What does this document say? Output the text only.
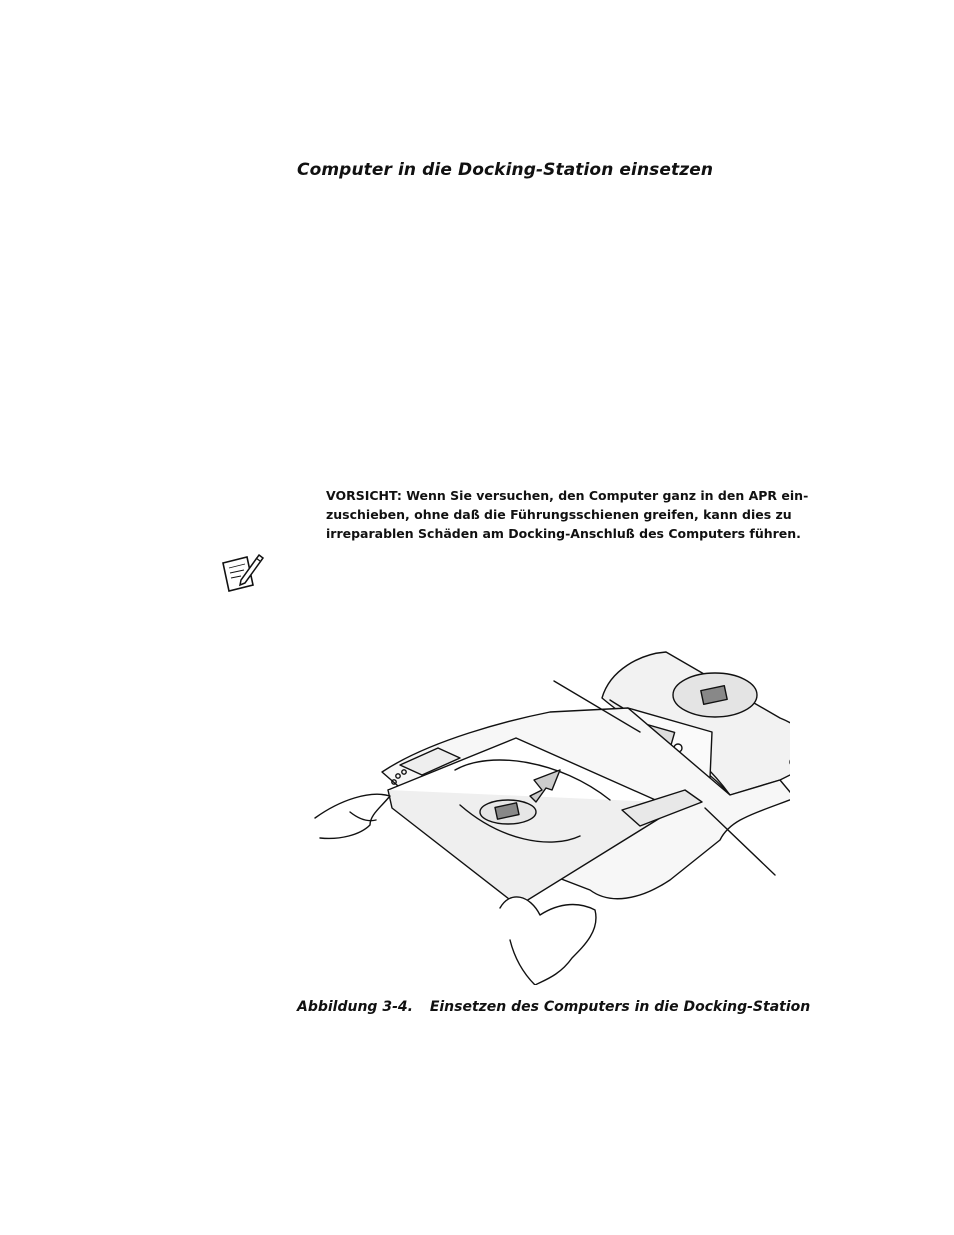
Computer in die Docking-Station einsetzen
VORSICHT: Wenn Sie versuchen, den Computer ganz in den APR ein-
zuschieben, ohne daß die Führungsschienen greifen, kann dies zu
irreparablen Schäden am Docking-Anschluß des Computers führen.
Abbildung 3-4. Einsetzen des Computers in die Docking-Station
